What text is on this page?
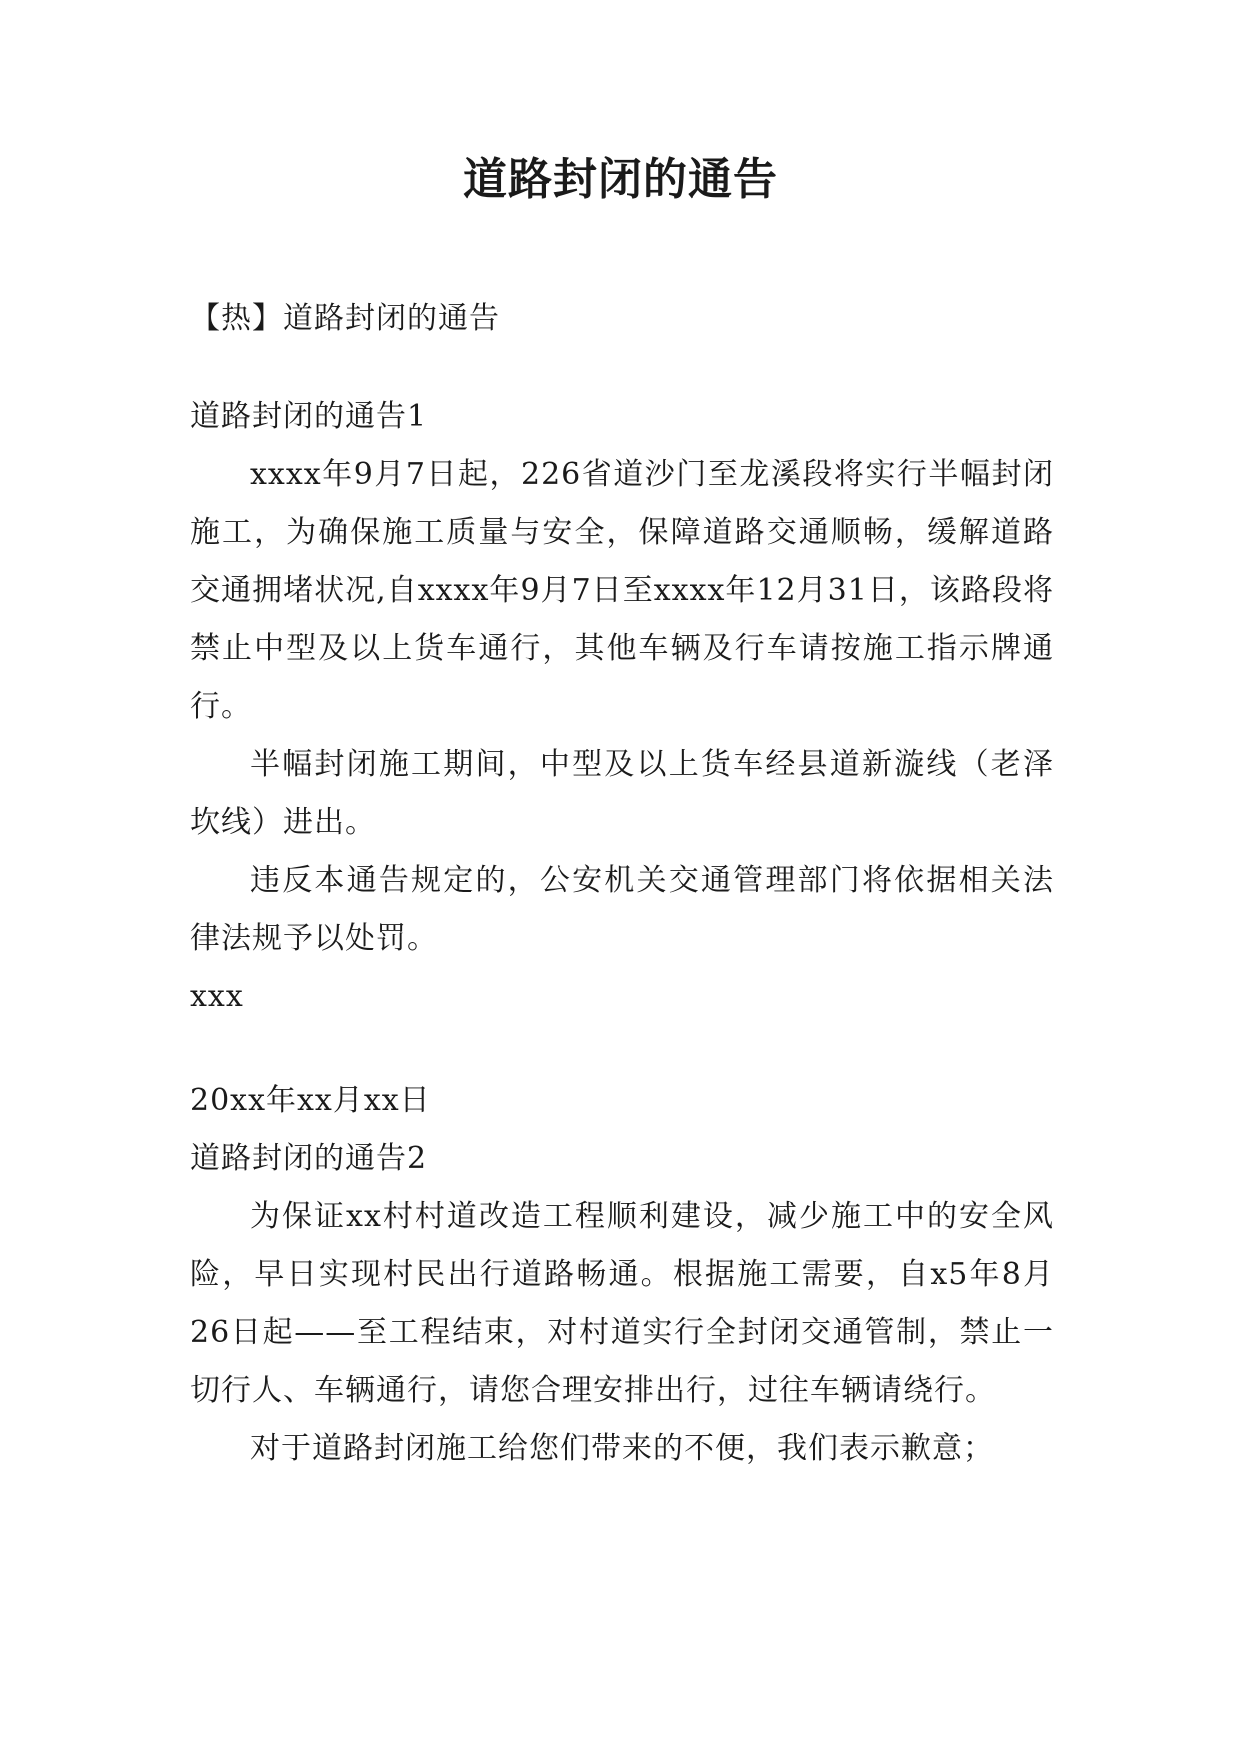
道路封闭的通告

【热】道路封闭的通告

道路封闭的通告1

xxxx年9月7日起，226省道沙门至龙溪段将实行半幅封闭施工，为确保施工质量与安全，保障道路交通顺畅，缓解道路交通拥堵状况,自xxxx年9月7日至xxxx年12月31日，该路段将禁止中型及以上货车通行，其他车辆及行车请按施工指示牌通行。

半幅封闭施工期间，中型及以上货车经县道新漩线（老泽坎线）进出。

违反本通告规定的，公安机关交通管理部门将依据相关法律法规予以处罚。

xxx

20xx年xx月xx日

道路封闭的通告2

为保证xx村村道改造工程顺利建设，减少施工中的安全风险，早日实现村民出行道路畅通。根据施工需要，自x5年8月26日起——至工程结束，对村道实行全封闭交通管制，禁止一切行人、车辆通行，请您合理安排出行，过往车辆请绕行。

对于道路封闭施工给您们带来的不便，我们表示歉意；
